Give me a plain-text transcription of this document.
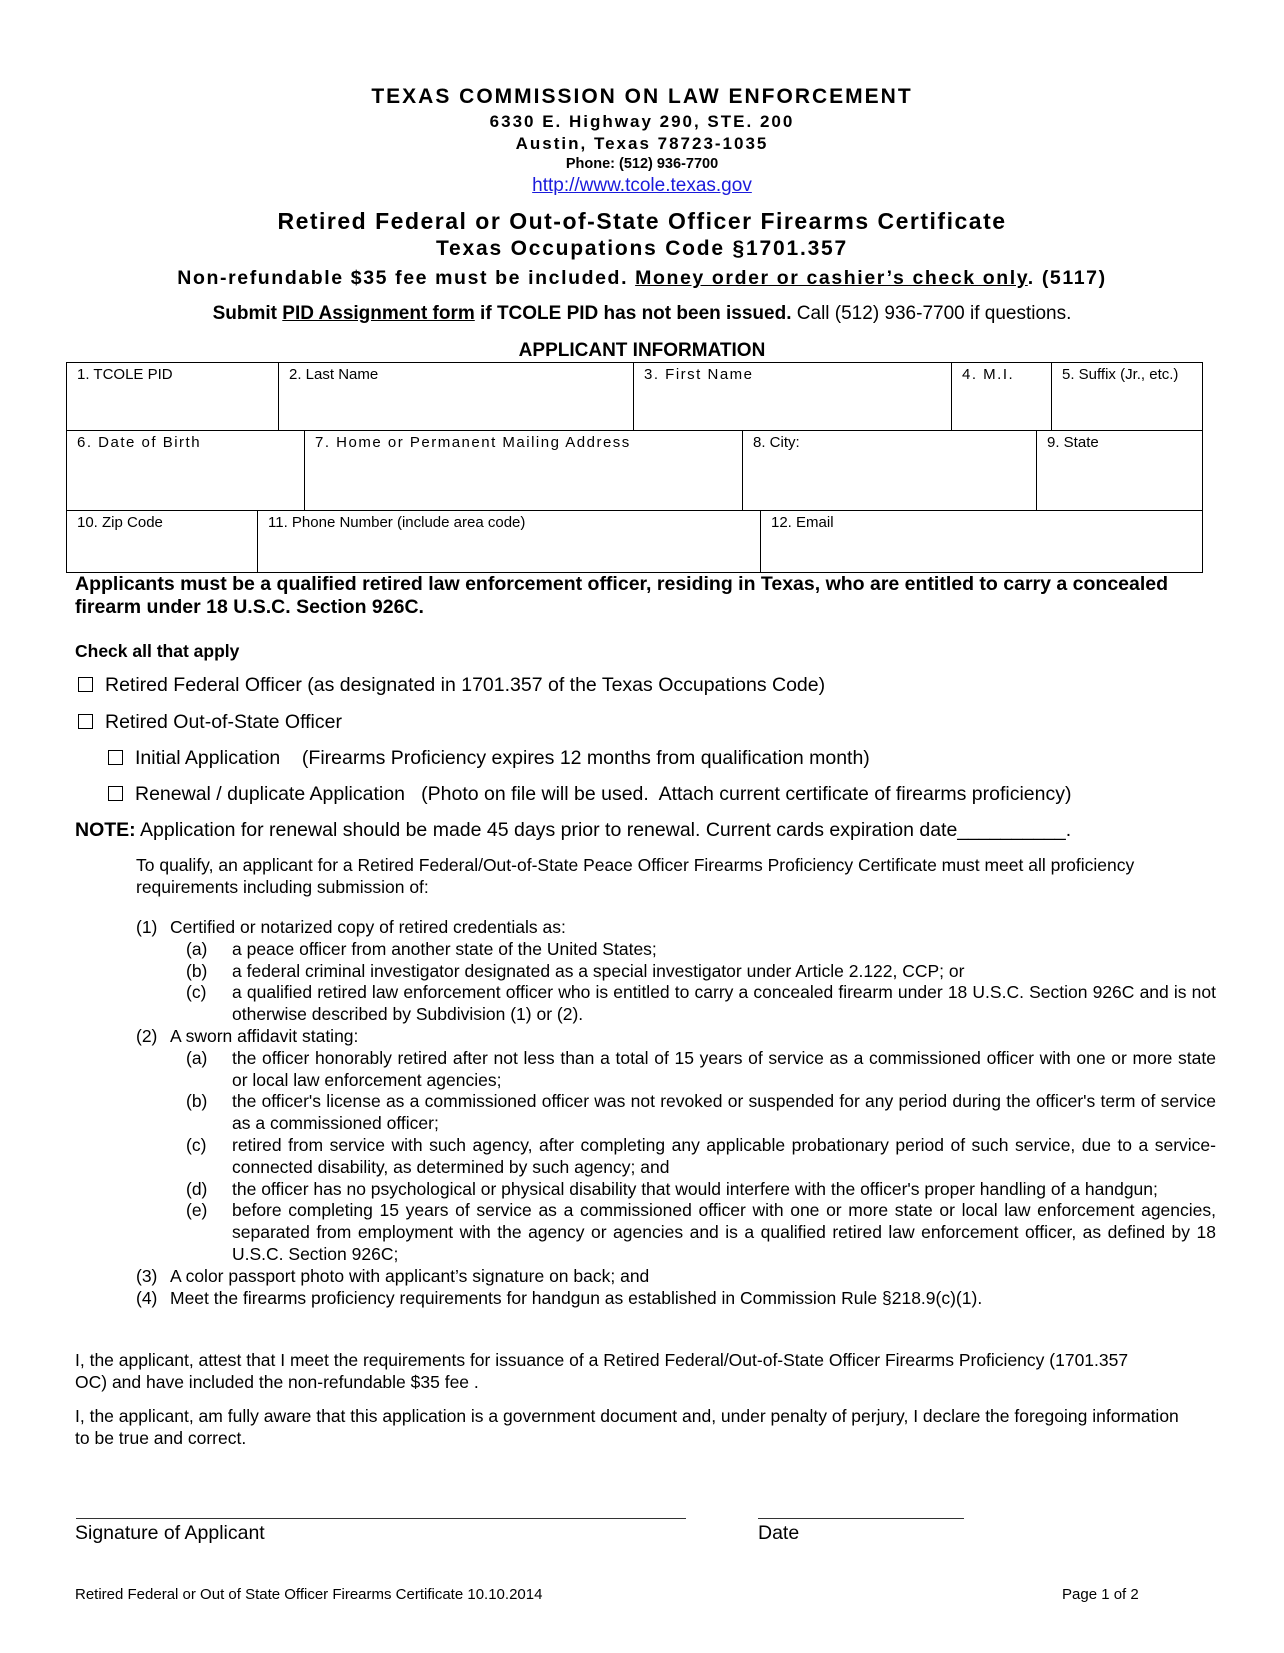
TEXAS COMMISSION ON LAW ENFORCEMENT
6330 E. Highway 290, STE. 200
Austin, Texas 78723-1035
Phone: (512) 936-7700
http://www.tcole.texas.gov
Retired Federal or Out-of-State Officer Firearms Certificate
Texas Occupations Code §1701.357
Non-refundable $35 fee must be included. Money order or cashier’s check only. (5117)
Submit PID Assignment form if TCOLE PID has not been issued. Call (512) 936-7700 if questions.
APPLICANT INFORMATION
1. TCOLE PID	2. Last Name	3. First Name	4. M.I.	5. Suffix (Jr., etc.)
6. Date of Birth	7. Home or Permanent Mailing Address	8. City:	9. State
10. Zip Code	11. Phone Number (include area code)	12. Email
Applicants must be a qualified retired law enforcement officer, residing in Texas, who are entitled to carry a concealed firearm under 18 U.S.C. Section 926C.
Check all that apply
Retired Federal Officer (as designated in 1701.357 of the Texas Occupations Code)
Retired Out-of-State Officer
Initial Application    (Firearms Proficiency expires 12 months from qualification month)
Renewal / duplicate Application   (Photo on file will be used.  Attach current certificate of firearms proficiency)
NOTE: Application for renewal should be made 45 days prior to renewal. Current cards expiration date__________.
To qualify, an applicant for a Retired Federal/Out-of-State Peace Officer Firearms Proficiency Certificate must meet all proficiency requirements including submission of:
(1) Certified or notarized copy of retired credentials as:
(a)	a peace officer from another state of the United States;
(b)	a federal criminal investigator designated as a special investigator under Article 2.122, CCP; or
(c)	a qualified retired law enforcement officer who is entitled to carry a concealed firearm under 18 U.S.C. Section 926C and is not otherwise described by Subdivision (1) or (2).
(2) A sworn affidavit stating:
(a)	the officer honorably retired after not less than a total of 15 years of service as a commissioned officer with one or more state or local law enforcement agencies;
(b)	the officer's license as a commissioned officer was not revoked or suspended for any period during the officer's term of service as a commissioned officer;
(c)	retired from service with such agency, after completing any applicable probationary period of such service, due to a service-connected disability, as determined by such agency; and
(d)	the officer has no psychological or physical disability that would interfere with the officer's proper handling of a handgun;
(e)	before completing 15 years of service as a commissioned officer with one or more state or local law enforcement agencies, separated from employment with the agency or agencies and is a qualified retired law enforcement officer, as defined by 18 U.S.C. Section 926C;
(3) A color passport photo with applicant’s signature on back; and
(4) Meet the firearms proficiency requirements for handgun as established in Commission Rule §218.9(c)(1).
I, the applicant, attest that I meet the requirements for issuance of a Retired Federal/Out-of-State Officer Firearms Proficiency (1701.357 OC) and have included the non-refundable $35 fee .
I, the applicant, am fully aware that this application is a government document and, under penalty of perjury, I declare the foregoing information to be true and correct.
Signature of Applicant	Date
Retired Federal or Out of State Officer Firearms Certificate 10.10.2014	Page 1 of 2
